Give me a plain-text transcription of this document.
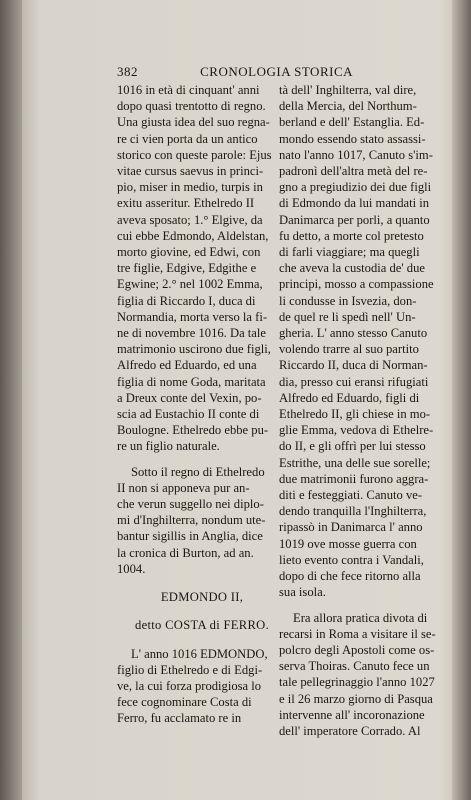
382	CRONOLOGIA STORICA
1016 in età di cinquant' anni
dopo quasi trentotto di regno.
Una giusta idea del suo regna-
re ci vien porta da un antico
storico con queste parole: Ejus
vitae cursus saevus in princi-
pio, miser in medio, turpis in
exitu asseritur. Ethelredo II
aveva sposato; 1.° Elgive, da
cui ebbe Edmondo, Aldelstan,
morto giovine, ed Edwi, con
tre figlie, Edgive, Edgithe e
Egwine; 2.° nel 1002 Emma,
figlia di Riccardo I, duca di
Normandia, morta verso la fi-
ne di novembre 1016. Da tale
matrimonio uscirono due figli,
Alfredo ed Eduardo, ed una
figlia di nome Goda, maritata
a Dreux conte del Vexin, po-
scia ad Eustachio II conte di
Boulogne. Ethelredo ebbe pu-
re un figlio naturale.
Sotto il regno di Ethelredo
II non si apponeva pur an-
che verun suggello nei diplo-
mi d'Inghilterra, nondum ute-
bantur sigillis in Anglia, dice
la cronica di Burton, ad an.
1004.
EDMONDO II,
detto COSTA di FERRO.
L' anno 1016 EDMONDO,
figlio di Ethelredo e di Edgi-
ve, la cui forza prodigiosa lo
fece cognominare Costa di
Ferro, fu acclamato re in
tà dell' Inghilterra, val dire,
della Mercia, del Northum-
berland e dell' Estanglia. Ed-
mondo essendo stato assassi-
nato l'anno 1017, Canuto s'im-
padronì dell'altra metà del re-
gno a pregiudizio dei due figli
di Edmondo da lui mandati in
Danimarca per porli, a quanto
fu detto, a morte col pretesto
di farli viaggiare; ma quegli
che aveva la custodia de' due
principi, mosso a compassione
li condusse in Isvezia, don-
de quel re li spedì nell' Un-
gheria. L' anno stesso Canuto
volendo trarre al suo partito
Riccardo II, duca di Norman-
dia, presso cui eransi rifugiati
Alfredo ed Eduardo, figli di
Ethelredo II, gli chiese in mo-
glie Emma, vedova di Ethelre-
do II, e gli offrì per lui stesso
Estrithe, una delle sue sorelle;
due matrimonii furono aggra-
diti e festeggiati. Canuto ve-
dendo tranquilla l'Inghilterra,
ripassò in Danimarca l' anno
1019 ove mosse guerra con
lieto evento contra i Vandali,
dopo di che fece ritorno alla
sua isola.
Era allora pratica divota di
recarsi in Roma a visitare il se-
polcro degli Apostoli come os-
serva Thoiras. Canuto fece un
tale pellegrinaggio l'anno 1027
e il 26 marzo giorno di Pasqua
intervenne all' incoronazione
dell' imperatore Corrado. Al
